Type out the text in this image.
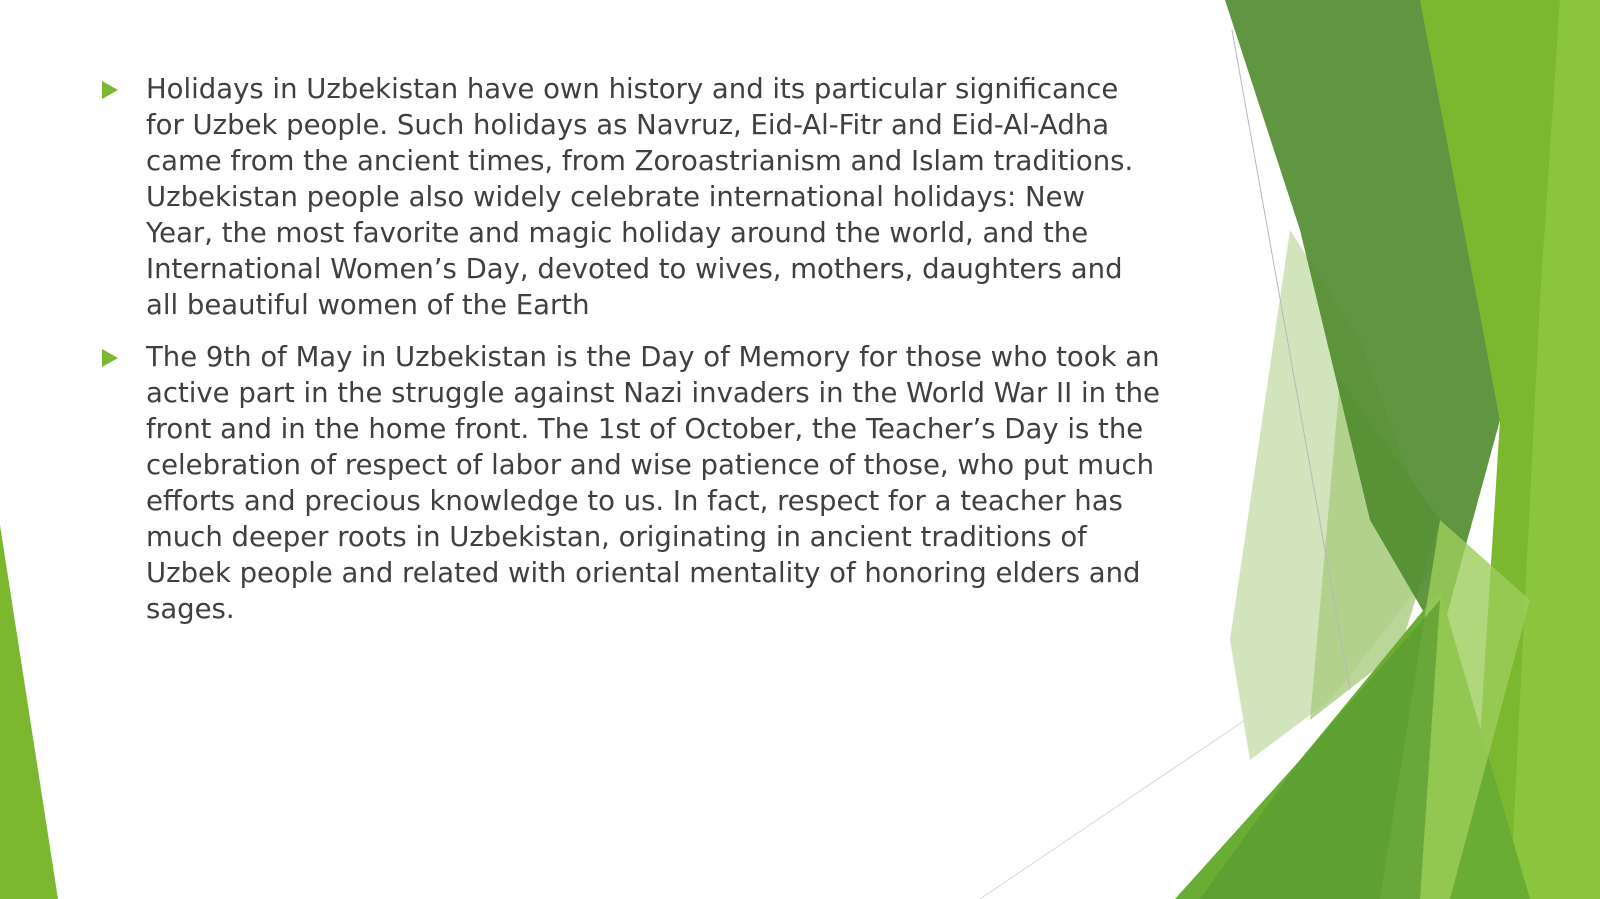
Holidays in Uzbekistan have own history and its particular significance for Uzbek people. Such holidays as Navruz, Eid-Al-Fitr and Eid-Al-Adha came from the ancient times, from Zoroastrianism and Islam traditions. Uzbekistan people also widely celebrate international holidays: New Year, the most favorite and magic holiday around the world, and the International Women’s Day, devoted to wives, mothers, daughters and all beautiful women of the Earth
The 9th of May in Uzbekistan is the Day of Memory for those who took an active part in the struggle against Nazi invaders in the World War II in the front and in the home front. The 1st of October, the Teacher’s Day is the celebration of respect of labor and wise patience of those, who put much efforts and precious knowledge to us. In fact, respect for a teacher has much deeper roots in Uzbekistan, originating in ancient traditions of Uzbek people and related with oriental mentality of honoring elders and sages.
